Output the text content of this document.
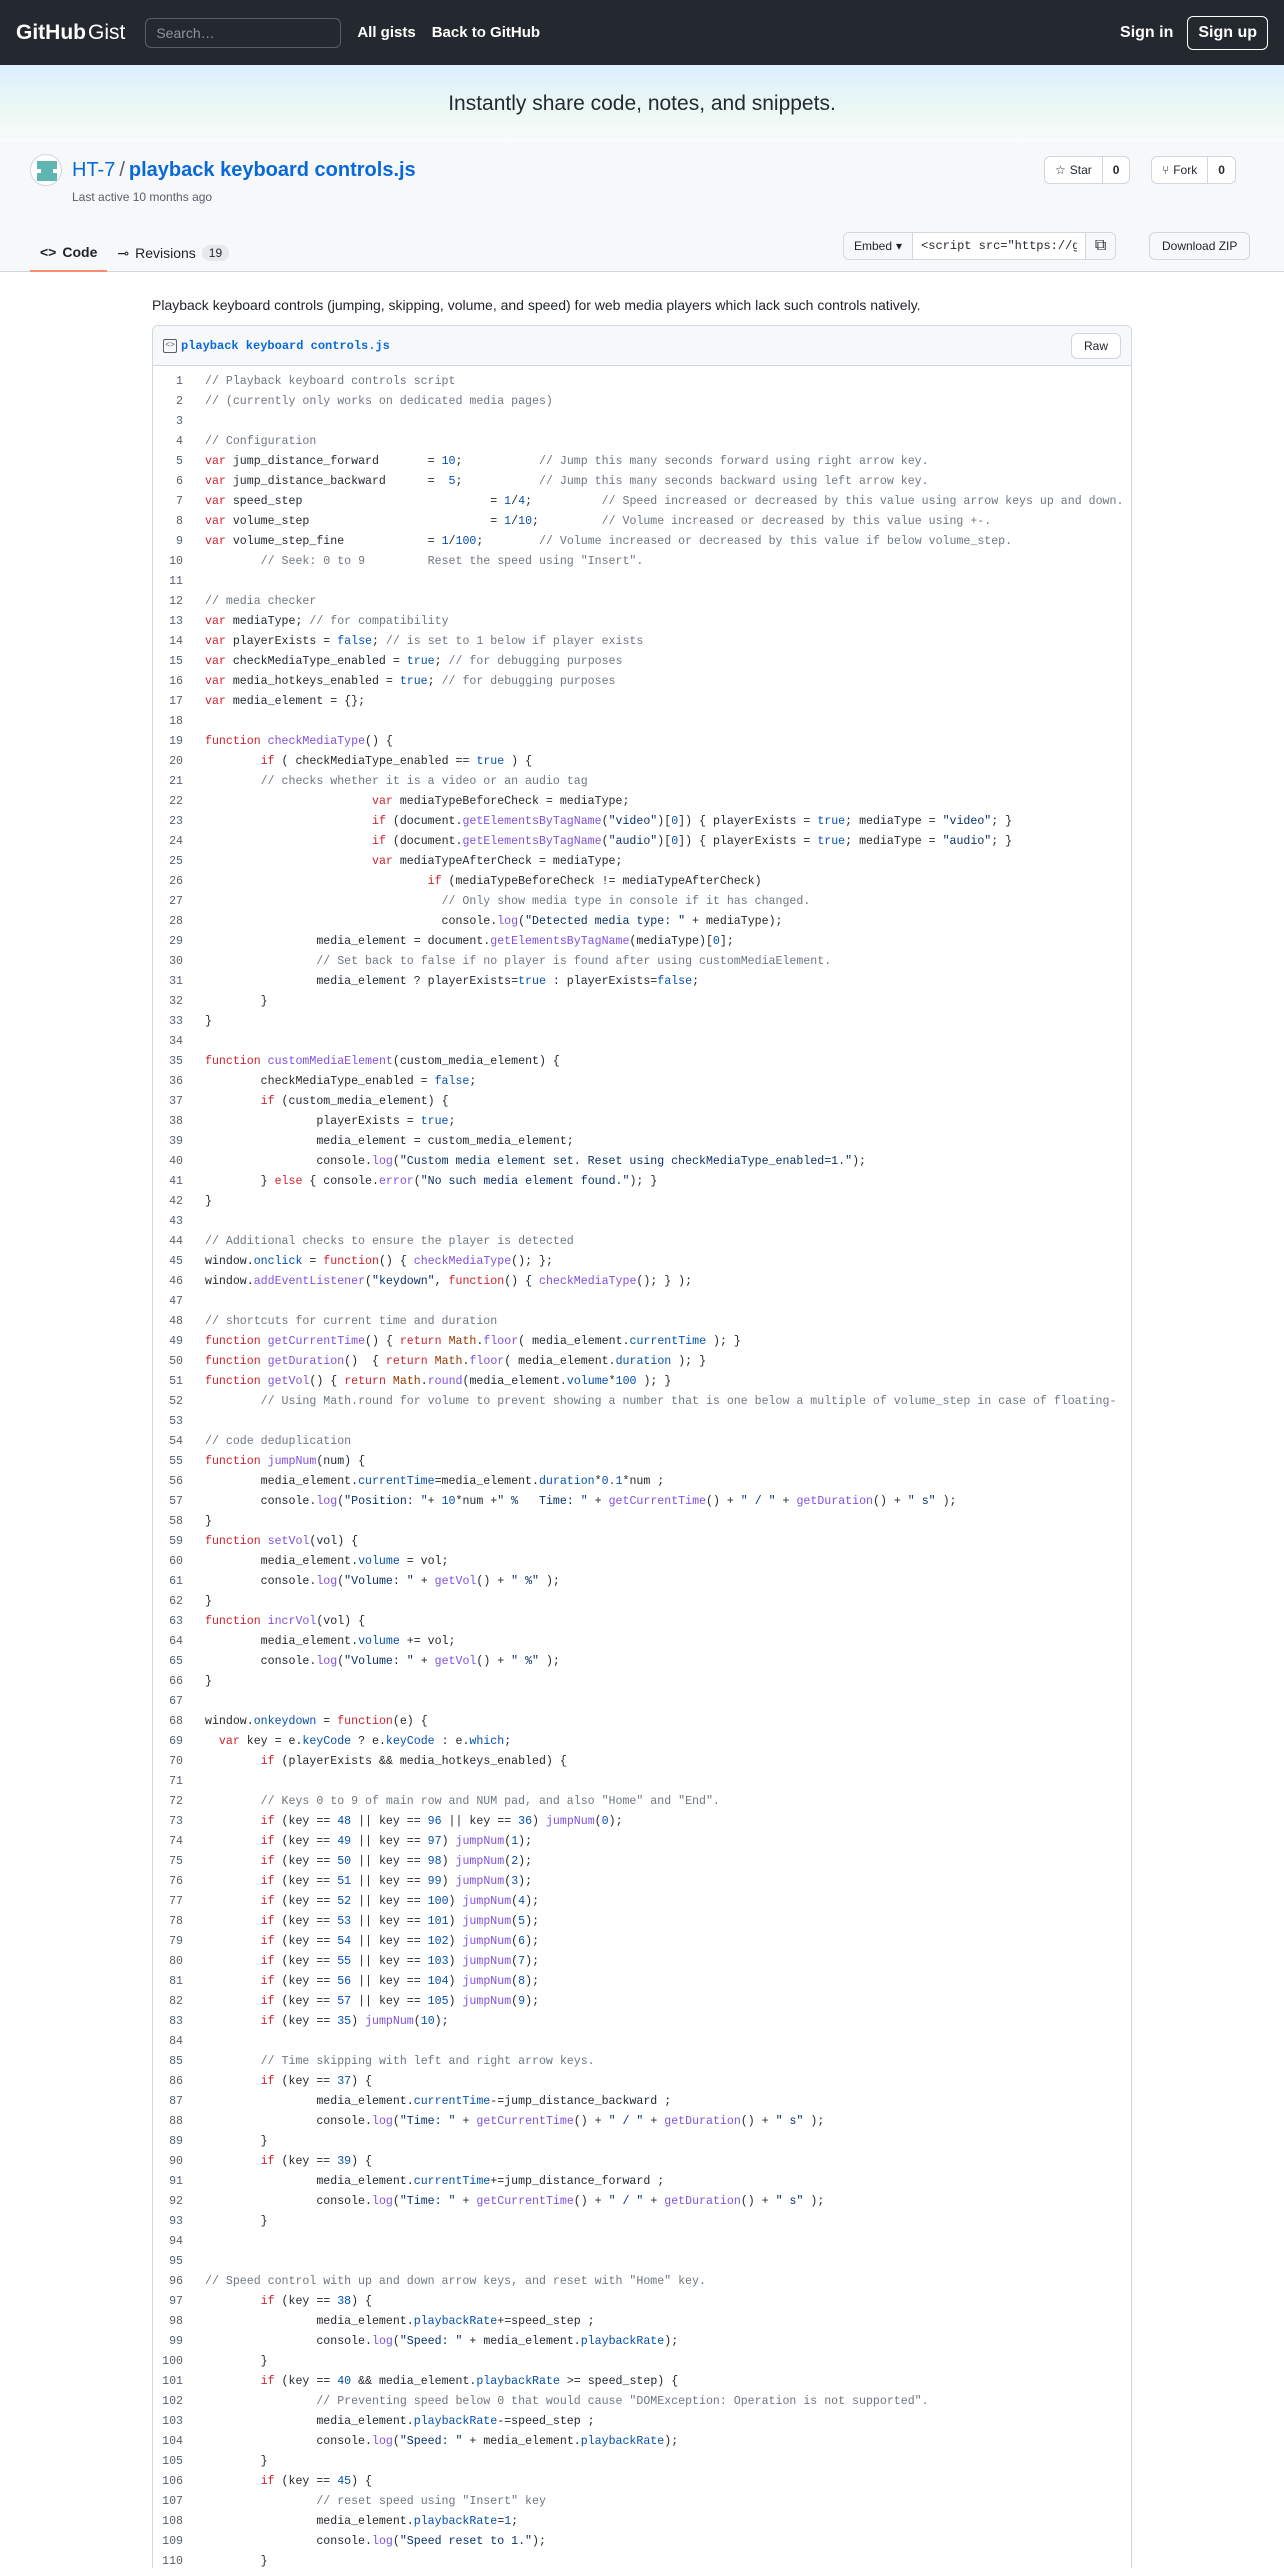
GitHub Gist
Search…	All gists Back to GitHub	Sign in	Sign up
Instantly share code, notes, and snippets.
HT-7 / playback keyboard controls.js
Last active 10 months ago
☆ Star	0	⑂ Fork	0
<> Code ⊸ Revisions	19	Embed ▾
<script src="https://g	⧉	Download ZIP
Playback keyboard controls (jumping, skipping, volume, and speed) for web media players which lack such controls natively.
<> playback keyboard controls.js	Raw
1	// Playback keyboard controls script
2	// (currently only works on dedicated media pages)
3
4	// Configuration
5	var jump_distance_forward       = 10;           // Jump this many seconds forward using right arrow key.
6	var jump_distance_backward      =  5;           // Jump this many seconds backward using left arrow key.
7	var speed_step                           = 1/4;          // Speed increased or decreased by this value using arrow keys up and down.
8	var volume_step                          = 1/10;         // Volume increased or decreased by this value using +-.
9	var volume_step_fine            = 1/100;        // Volume increased or decreased by this value if below volume_step.
10	// Seek: 0 to 9         Reset the speed using "Insert".
11
12	// media checker
13	var mediaType; // for compatibility
14	var playerExists = false; // is set to 1 below if player exists
15	var checkMediaType_enabled = true; // for debugging purposes
16	var media_hotkeys_enabled = true; // for debugging purposes
17	var media_element = {};
18
19	function checkMediaType() {
20	if ( checkMediaType_enabled == true ) {
21	// checks whether it is a video or an audio tag
22	var mediaTypeBeforeCheck = mediaType;
23	if (document.getElementsByTagName("video")[0]) { playerExists = true; mediaType = "video"; }
24	if (document.getElementsByTagName("audio")[0]) { playerExists = true; mediaType = "audio"; }
25	var mediaTypeAfterCheck = mediaType;
26	if (mediaTypeBeforeCheck != mediaTypeAfterCheck)
27	// Only show media type in console if it has changed.
28	console.log("Detected media type: " + mediaType);
29	media_element = document.getElementsByTagName(mediaType)[0];
30	// Set back to false if no player is found after using customMediaElement.
31	media_element ? playerExists=true : playerExists=false;
32	}
33	}
34
35	function customMediaElement(custom_media_element) {
36	checkMediaType_enabled = false;
37	if (custom_media_element) {
38	playerExists = true;
39	media_element = custom_media_element;
40	console.log("Custom media element set. Reset using checkMediaType_enabled=1.");
41	} else { console.error("No such media element found."); }
42	}
43
44	// Additional checks to ensure the player is detected
45	window.onclick = function() { checkMediaType(); };
46	window.addEventListener("keydown", function() { checkMediaType(); } );
47
48	// shortcuts for current time and duration
49	function getCurrentTime() { return Math.floor( media_element.currentTime ); }
50	function getDuration()  { return Math.floor( media_element.duration ); }
51	function getVol() { return Math.round(media_element.volume*100 ); }
52	// Using Math.round for volume to prevent showing a number that is one below a multiple of volume_step in case of floating-
53
54	// code deduplication
55	function jumpNum(num) {
56	media_element.currentTime=media_element.duration*0.1*num ;
57	console.log("Position: "+ 10*num +" %   Time: " + getCurrentTime() + " / " + getDuration() + " s" );
58	}
59	function setVol(vol) {
60	media_element.volume = vol;
61	console.log("Volume: " + getVol() + " %" );
62	}
63	function incrVol(vol) {
64	media_element.volume += vol;
65	console.log("Volume: " + getVol() + " %" );
66	}
67
68	window.onkeydown = function(e) {
69	var key = e.keyCode ? e.keyCode : e.which;
70	if (playerExists && media_hotkeys_enabled) {
71
72	// Keys 0 to 9 of main row and NUM pad, and also "Home" and "End".
73	if (key == 48 || key == 96 || key == 36) jumpNum(0);
74	if (key == 49 || key == 97) jumpNum(1);
75	if (key == 50 || key == 98) jumpNum(2);
76	if (key == 51 || key == 99) jumpNum(3);
77	if (key == 52 || key == 100) jumpNum(4);
78	if (key == 53 || key == 101) jumpNum(5);
79	if (key == 54 || key == 102) jumpNum(6);
80	if (key == 55 || key == 103) jumpNum(7);
81	if (key == 56 || key == 104) jumpNum(8);
82	if (key == 57 || key == 105) jumpNum(9);
83	if (key == 35) jumpNum(10);
84
85	// Time skipping with left and right arrow keys.
86	if (key == 37) {
87	media_element.currentTime-=jump_distance_backward ;
88	console.log("Time: " + getCurrentTime() + " / " + getDuration() + " s" );
89	}
90	if (key == 39) {
91	media_element.currentTime+=jump_distance_forward ;
92	console.log("Time: " + getCurrentTime() + " / " + getDuration() + " s" );
93	}
94
95
96	// Speed control with up and down arrow keys, and reset with "Home" key.
97	if (key == 38) {
98	media_element.playbackRate+=speed_step ;
99	console.log("Speed: " + media_element.playbackRate);
100	}
101	if (key == 40 && media_element.playbackRate >= speed_step) {
102	// Preventing speed below 0 that would cause "DOMException: Operation is not supported".
103	media_element.playbackRate-=speed_step ;
104	console.log("Speed: " + media_element.playbackRate);
105	}
106	if (key == 45) {
107	// reset speed using "Insert" key
108	media_element.playbackRate=1;
109	console.log("Speed reset to 1.");
110	}
